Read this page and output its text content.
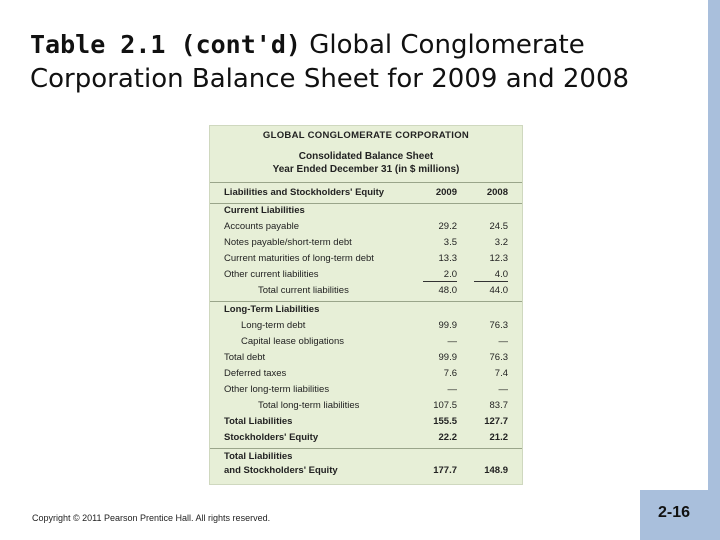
Table 2.1 (cont'd) Global Conglomerate Corporation Balance Sheet for 2009 and 2008
GLOBAL CONGLOMERATE CORPORATION
Consolidated Balance Sheet
Year Ended December 31 (in $ millions)
Liabilities and Stockholders' Equity	2009	2008
Current Liabilities
Accounts payable	29.2	24.5
Notes payable/short-term debt	3.5	3.2
Current maturities of long-term debt	13.3	12.3
Other current liabilities	2.0	4.0
Total current liabilities	48.0	44.0
Long-Term Liabilities
Long-term debt	99.9	76.3
Capital lease obligations	—	—
Total debt	99.9	76.3
Deferred taxes	7.6	7.4
Other long-term liabilities	—	—
Total long-term liabilities	107.5	83.7
Total Liabilities	155.5	127.7
Stockholders' Equity	22.2	21.2
Total Liabilities
and Stockholders' Equity	177.7	148.9
Copyright © 2011 Pearson Prentice Hall. All rights reserved.	2-16
